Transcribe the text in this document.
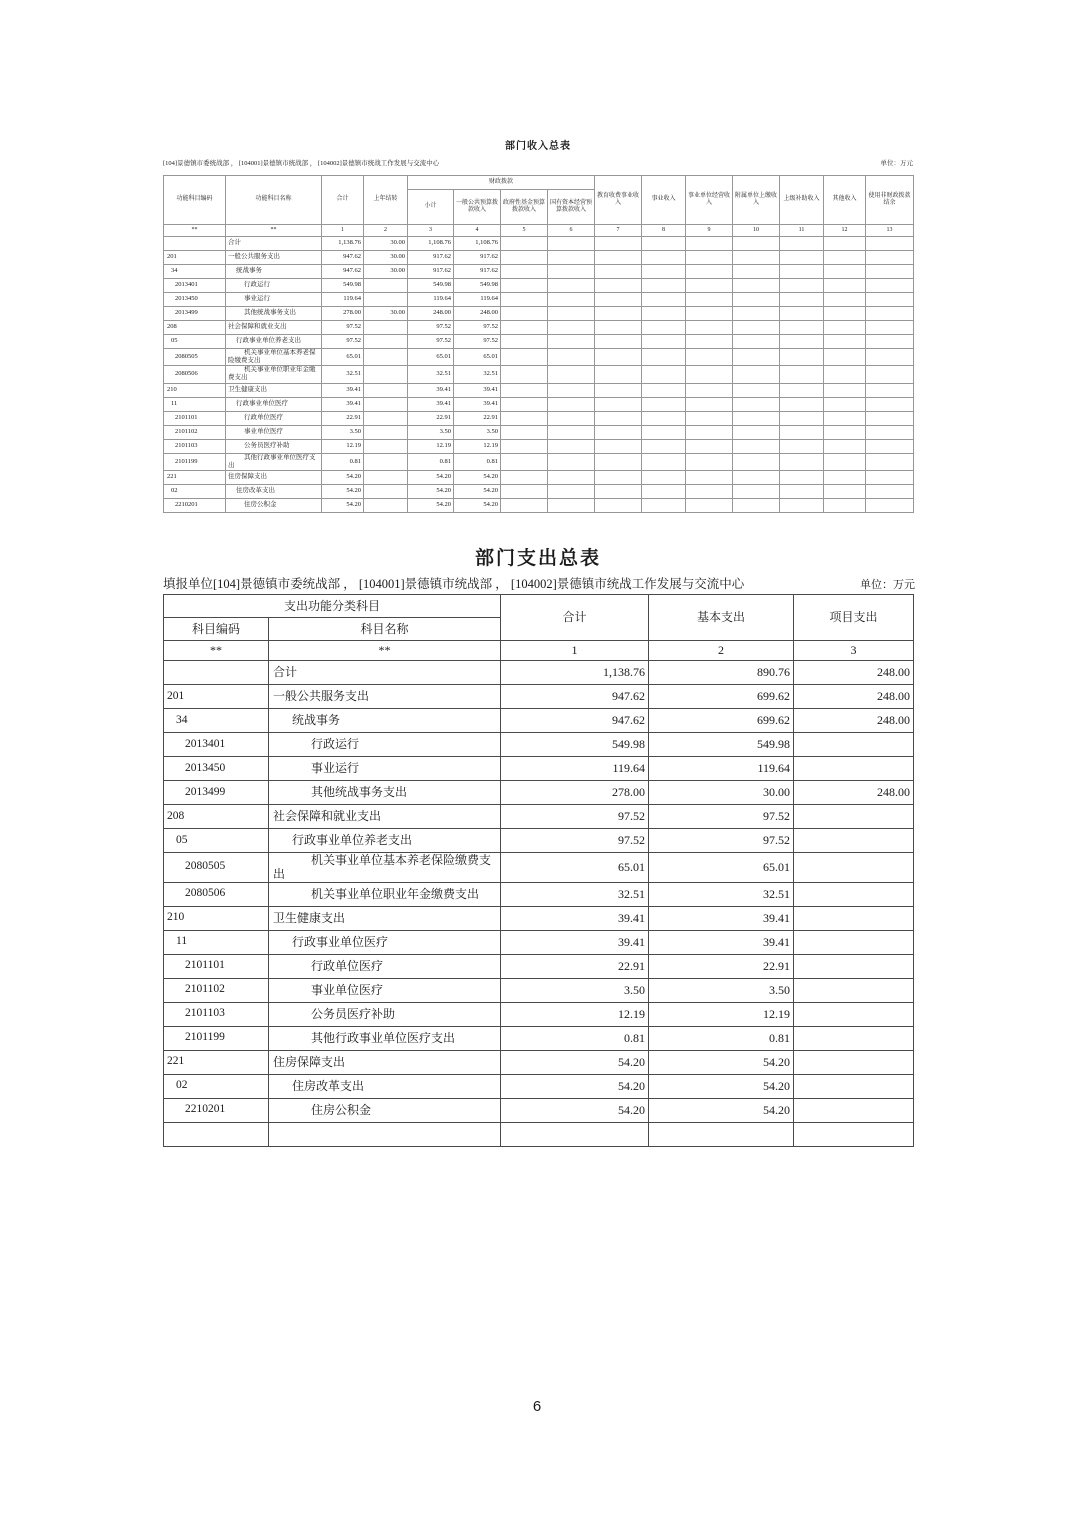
部门收入总表
[104]景德镇市委统战部 ， [104001]景德镇市统战部 ， [104002]景德镇市统战工作发展与交流中心	单位：万元
功能科目编码	功能科目名称	合计	上年结转	财政拨款				教育收费事业收入	事业收入	事业单位经营收入	附属单位上缴收入	上级补助收入	其他收入	使用非财政拨款结余
				小计	一般公共预算拨款收入	政府性基金预算拨款收入	国有资本经营预算拨款收入							
**	**	1	2	3	4	5	6	7	8	9	10	11	12	13
	合计	1,138.76	30.00	1,108.76	1,108.76									
201	一般公共服务支出	947.62	30.00	917.62	917.62									
34	统战事务	947.62	30.00	917.62	917.62									
2013401	行政运行	549.98		549.98	549.98									
2013450	事业运行	119.64		119.64	119.64									
2013499	其他统战事务支出	278.00	30.00	248.00	248.00									
208	社会保障和就业支出	97.52		97.52	97.52									
05	行政事业单位养老支出	97.52		97.52	97.52									
2080505	机关事业单位基本养老保险缴费支出	65.01		65.01	65.01									
2080506	机关事业单位职业年金缴费支出	32.51		32.51	32.51									
210	卫生健康支出	39.41		39.41	39.41									
11	行政事业单位医疗	39.41		39.41	39.41									
2101101	行政单位医疗	22.91		22.91	22.91									
2101102	事业单位医疗	3.50		3.50	3.50									
2101103	公务员医疗补助	12.19		12.19	12.19									
2101199	其他行政事业单位医疗支出	0.81		0.81	0.81									
221	住房保障支出	54.20		54.20	54.20									
02	住房改革支出	54.20		54.20	54.20									
2210201	住房公积金	54.20		54.20	54.20									
部门支出总表
填报单位[104]景德镇市委统战部 ， [104001]景德镇市统战部 ， [104002]景德镇市统战工作发展与交流中心	单位：万元
支出功能分类科目		合计	基本支出	项目支出
科目编码	科目名称			
**	**	1	2	3
	合计	1,138.76	890.76	248.00
201	一般公共服务支出	947.62	699.62	248.00
34	统战事务	947.62	699.62	248.00
2013401	行政运行	549.98	549.98	
2013450	事业运行	119.64	119.64	
2013499	其他统战事务支出	278.00	30.00	248.00
208	社会保障和就业支出	97.52	97.52	
05	行政事业单位养老支出	97.52	97.52	
2080505	机关事业单位基本养老保险缴费支出	65.01	65.01	
2080506	机关事业单位职业年金缴费支出	32.51	32.51	
210	卫生健康支出	39.41	39.41	
11	行政事业单位医疗	39.41	39.41	
2101101	行政单位医疗	22.91	22.91	
2101102	事业单位医疗	3.50	3.50	
2101103	公务员医疗补助	12.19	12.19	
2101199	其他行政事业单位医疗支出	0.81	0.81	
221	住房保障支出	54.20	54.20	
02	住房改革支出	54.20	54.20	
2210201	住房公积金	54.20	54.20	

6
